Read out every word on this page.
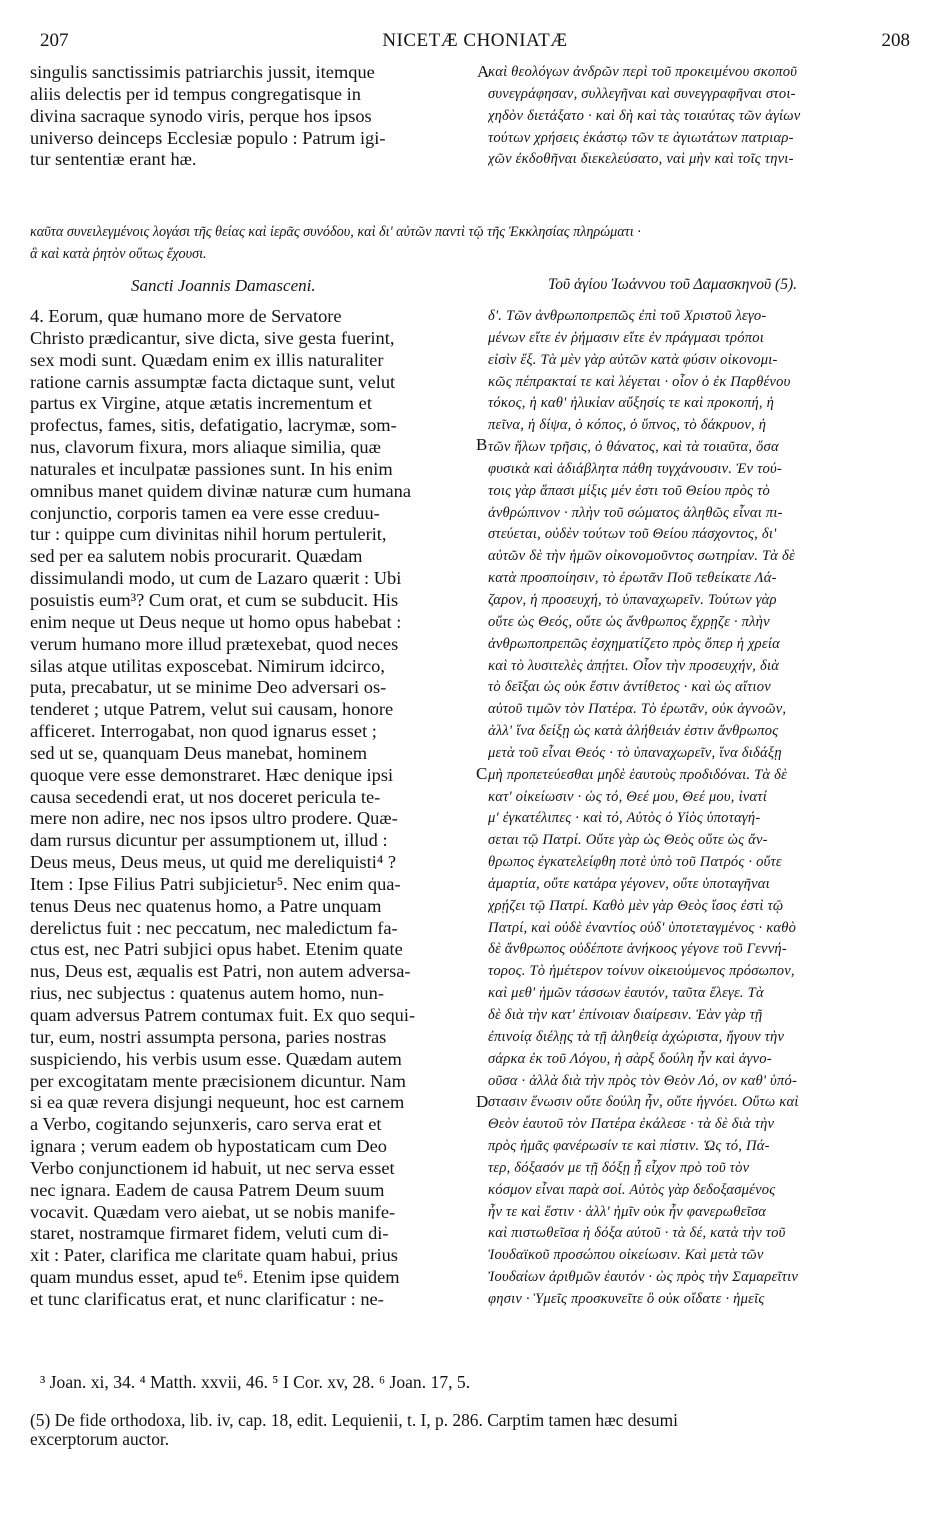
207	NICETÆ CHONIATÆ	208
singulis sanctissimis patriarchis jussit, itemque
aliis delectis per id tempus congregatisque in
divina sacraque synodo viris, perque hos ipsos
universo deinceps Ecclesiæ populo : Patrum igi-
tur sententiæ erant hæ.
καὶ θεολόγων ἀνδρῶν περὶ τοῦ προκειμένου σκοποῦ
συνεγράφησαν, συλλεγῆναι καὶ συνεγγραφῆναι στοι-
χηδὸν διετάξατο · καὶ δὴ καὶ τὰς τοιαύτας τῶν ἁγίων
τούτων χρήσεις ἑκάστῳ τῶν τε ἁγιωτάτων πατριαρ-
χῶν ἐκδοθῆναι διεκελεύσατο, ναὶ μὴν καὶ τοῖς τηνι-
καῦτα συνειλεγμένοις λογάσι τῆς θείας καὶ ἱερᾶς συνόδου, καὶ δι' αὐτῶν παντὶ τῷ τῆς Ἐκκλησίας πληρώματι ·
ἃ καὶ κατὰ ῥητὸν οὕτως ἔχουσι.
Sancti Joannis Damasceni.	Τοῦ ἁγίου Ἰωάννου τοῦ Δαμασκηνοῦ (5).
4. Eorum, quæ humano more de Servatore
Christo prædicantur, sive dicta, sive gesta fuerint,
sex modi sunt. Quædam enim ex illis naturaliter
ratione carnis assumptæ facta dictaque sunt, velut
partus ex Virgine, atque ætatis incrementum et
profectus, fames, sitis, defatigatio, lacrymæ, som-
nus, clavorum fixura, mors aliaque similia, quæ
naturales et inculpatæ passiones sunt. In his enim
omnibus manet quidem divinæ naturæ cum humana
conjunctio, corporis tamen ea vere esse creduu-
tur : quippe cum divinitas nihil horum pertulerit,
sed per ea salutem nobis procurarit. Quædam
dissimulandi modo, ut cum de Lazaro quærit : Ubi
posuistis eum³? Cum orat, et cum se subducit. His
enim neque ut Deus neque ut homo opus habebat :
verum humano more illud prætexebat, quod neces
silas atque utilitas exposcebat. Nimirum idcirco,
puta, precabatur, ut se minime Deo adversari os-
tenderet ; utque Patrem, velut sui causam, honore
afficeret. Interrogabat, non quod ignarus esset ;
sed ut se, quanquam Deus manebat, hominem
quoque vere esse demonstraret. Hæc denique ipsi
causa secedendi erat, ut nos doceret pericula te-
mere non adire, nec nos ipsos ultro prodere. Quæ-
dam rursus dicuntur per assumptionem ut, illud :
Deus meus, Deus meus, ut quid me dereliquisti⁴ ?
Item : Ipse Filius Patri subjicietur⁵. Nec enim qua-
tenus Deus nec quatenus homo, a Patre unquam
derelictus fuit : nec peccatum, nec maledictum fa-
ctus est, nec Patri subjici opus habet. Etenim quate
nus, Deus est, æqualis est Patri, non autem adversa-
rius, nec subjectus : quatenus autem homo, nun-
quam adversus Patrem contumax fuit. Ex quo sequi-
tur, eum, nostri assumpta persona, paries nostras
suspiciendo, his verbis usum esse. Quædam autem
per excogitatam mente præcisionem dicuntur. Nam
si ea quæ revera disjungi nequeunt, hoc est carnem
a Verbo, cogitando sejunxeris, caro serva erat et
ignara ; verum eadem ob hypostaticam cum Deo
Verbo conjunctionem id habuit, ut nec serva esset
nec ignara. Eadem de causa Patrem Deum suum
vocavit. Quædam vero aiebat, ut se nobis manife-
staret, nostramque firmaret fidem, veluti cum di-
xit : Pater, clarifica me claritate quam habui, prius
quam mundus esset, apud te⁶. Etenim ipse quidem
et tunc clarificatus erat, et nunc clarificatur : ne-
δ'. Τῶν ἀνθρωποπρεπῶς ἐπὶ τοῦ Χριστοῦ λεγο-
μένων εἴτε ἐν ῥήμασιν εἴτε ἐν πράγμασι τρόποι
εἰσὶν ἕξ. Τὰ μὲν γὰρ αὐτῶν κατὰ φύσιν οἰκονομι-
κῶς πέπρακταί τε καὶ λέγεται · οἷον ὁ ἐκ Παρθένου
τόκος, ἡ καθ' ἡλικίαν αὔξησίς τε καὶ προκοπή, ἡ
πεῖνα, ἡ δίψα, ὁ κόπος, ὁ ὕπνος, τὸ δάκρυον, ἡ
τῶν ἥλων τρῆσις, ὁ θάνατος, καὶ τὰ τοιαῦτα, ὅσα
φυσικὰ καὶ ἀδιάβλητα πάθη τυγχάνουσιν. Ἐν τού-
τοις γὰρ ἅπασι μίξις μέν ἐστι τοῦ Θείου πρὸς τὸ
ἀνθρώπινον · πλὴν τοῦ σώματος ἀληθῶς εἶναι πι-
στεύεται, οὐδὲν τούτων τοῦ Θείου πάσχοντος, δι'
αὐτῶν δὲ τὴν ἡμῶν οἰκονομοῦντος σωτηρίαν. Τὰ δὲ
κατὰ προσποίησιν, τὸ ἐρωτᾶν Ποῦ τεθείκατε Λά-
ζαρον, ἡ προσευχή, τὸ ὑπαναχωρεῖν. Τούτων γὰρ
οὔτε ὡς Θεός, οὔτε ὡς ἄνθρωπος ἔχρῃζε · πλὴν
ἀνθρωποπρεπῶς ἐσχηματίζετο πρὸς ὅπερ ἡ χρεία
καὶ τὸ λυσιτελὲς ἀπῄτει. Οἷον τὴν προσευχήν, διὰ
τὸ δεῖξαι ὡς οὐκ ἔστιν ἀντίθετος · καὶ ὡς αἴτιον
αὐτοῦ τιμῶν τὸν Πατέρα. Τὸ ἐρωτᾶν, οὐκ ἀγνοῶν,
ἀλλ' ἵνα δείξῃ ὡς κατὰ ἀλήθειάν ἐστιν ἄνθρωπος
μετὰ τοῦ εἶναι Θεός · τὸ ὑπαναχωρεῖν, ἵνα διδάξῃ
μὴ προπετεύεσθαι μηδὲ ἑαυτοὺς προδιδόναι. Τὰ δὲ
κατ' οἰκείωσιν · ὡς τό, Θεέ μου, Θεέ μου, ἱνατί
μ' ἐγκατέλιπες · καὶ τό, Αὐτὸς ὁ Υἱὸς ὑποταγή-
σεται τῷ Πατρί. Οὔτε γὰρ ὡς Θεὸς οὔτε ὡς ἄν-
θρωπος ἐγκατελείφθη ποτὲ ὑπὸ τοῦ Πατρός · οὔτε
ἁμαρτία, οὔτε κατάρα γέγονεν, οὔτε ὑποταγῆναι
χρῄζει τῷ Πατρί. Καθὸ μὲν γὰρ Θεὸς ἴσος ἐστὶ τῷ
Πατρί, καὶ οὐδὲ ἐναντίος οὐδ' ὑποτεταγμένος · καθὸ
δὲ ἄνθρωπος οὐδέποτε ἀνήκοος γέγονε τοῦ Γεννή-
τορος. Τὸ ἡμέτερον τοίνυν οἰκειούμενος πρόσωπον,
καὶ μεθ' ἡμῶν τάσσων ἑαυτόν, ταῦτα ἔλεγε. Τὰ
δὲ διὰ τὴν κατ' ἐπίνοιαν διαίρεσιν. Ἐὰν γὰρ τῇ
ἐπινοίᾳ διέλῃς τὰ τῇ ἀληθείᾳ ἀχώριστα, ἤγουν τὴν
σάρκα ἐκ τοῦ Λόγου, ἡ σὰρξ δούλη ἦν καὶ ἀγνο-
οῦσα · ἀλλὰ διὰ τὴν πρὸς τὸν Θεὸν Λό, ον καθ' ὑπό-
στασιν ἕνωσιν οὔτε δούλη ἦν, οὔτε ἠγνόει. Οὕτω καὶ
Θεὸν ἑαυτοῦ τὸν Πατέρα ἐκάλεσε · τὰ δὲ διὰ τὴν
πρὸς ἡμᾶς φανέρωσίν τε καὶ πίστιν. Ὡς τό, Πά-
τερ, δόξασόν με τῇ δόξῃ ᾗ εἶχον πρὸ τοῦ τὸν
κόσμον εἶναι παρὰ σοί. Αὐτὸς γὰρ δεδοξασμένος
ἦν τε καὶ ἔστιν · ἀλλ' ἡμῖν οὐκ ἦν φανερωθεῖσα
καὶ πιστωθεῖσα ἡ δόξα αὐτοῦ · τὰ δέ, κατὰ τὴν τοῦ
Ἰουδαϊκοῦ προσώπου οἰκείωσιν. Καὶ μετὰ τῶν
Ἰουδαίων ἀριθμῶν ἑαυτόν · ὡς πρὸς τὴν Σαμαρεῖτιν
φησιν · Ὑμεῖς προσκυνεῖτε ὃ οὐκ οἴδατε · ἡμεῖς
A
B
C
D
³ Joan. xi, 34. ⁴ Matth. xxvii, 46. ⁵ I Cor. xv, 28. ⁶ Joan. 17, 5.
(5) De fide orthodoxa, lib. iv, cap. 18, edit. Lequienii, t. I, p. 286. Carptim tamen hæc desumi
excerptorum auctor.
